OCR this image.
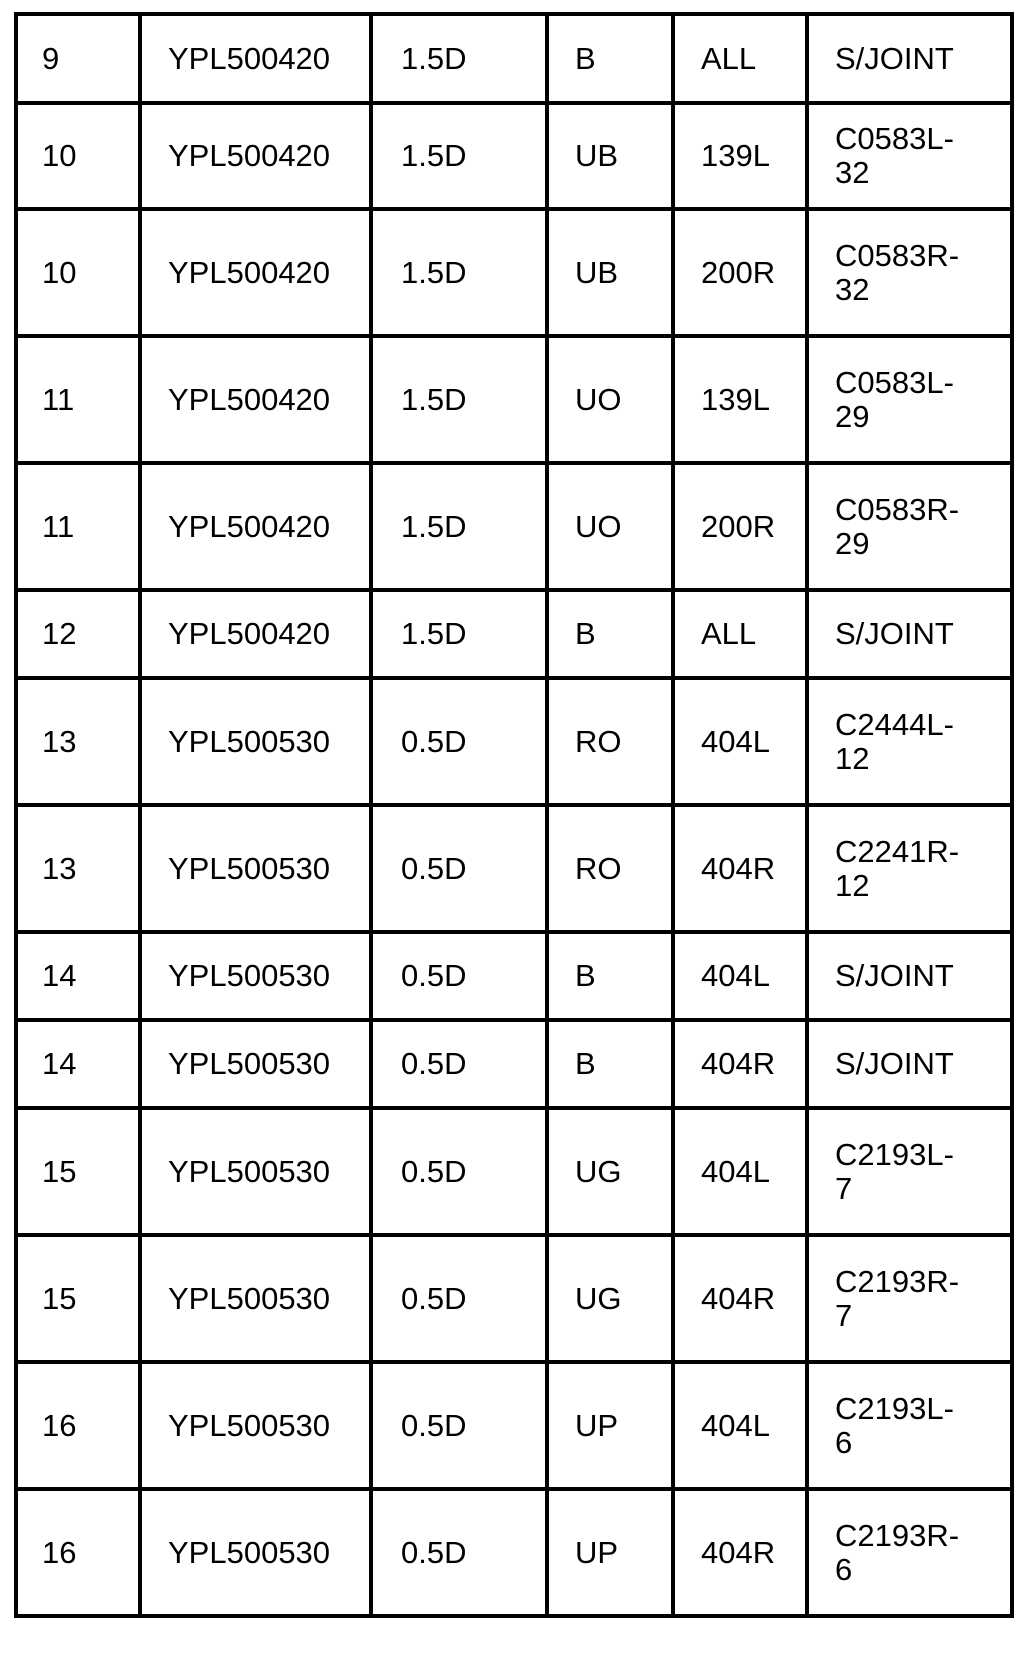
9	YPL500420	1.5D	B	ALL	S/JOINT
10	YPL500420	1.5D	UB	139L	C0583L-
32
10	YPL500420	1.5D	UB	200R	C0583R-
32
11	YPL500420	1.5D	UO	139L	C0583L-
29
11	YPL500420	1.5D	UO	200R	C0583R-
29
12	YPL500420	1.5D	B	ALL	S/JOINT
13	YPL500530	0.5D	RO	404L	C2444L-
12
13	YPL500530	0.5D	RO	404R	C2241R-
12
14	YPL500530	0.5D	B	404L	S/JOINT
14	YPL500530	0.5D	B	404R	S/JOINT
15	YPL500530	0.5D	UG	404L	C2193L-
7
15	YPL500530	0.5D	UG	404R	C2193R-
7
16	YPL500530	0.5D	UP	404L	C2193L-
6
16	YPL500530	0.5D	UP	404R	C2193R-
6
